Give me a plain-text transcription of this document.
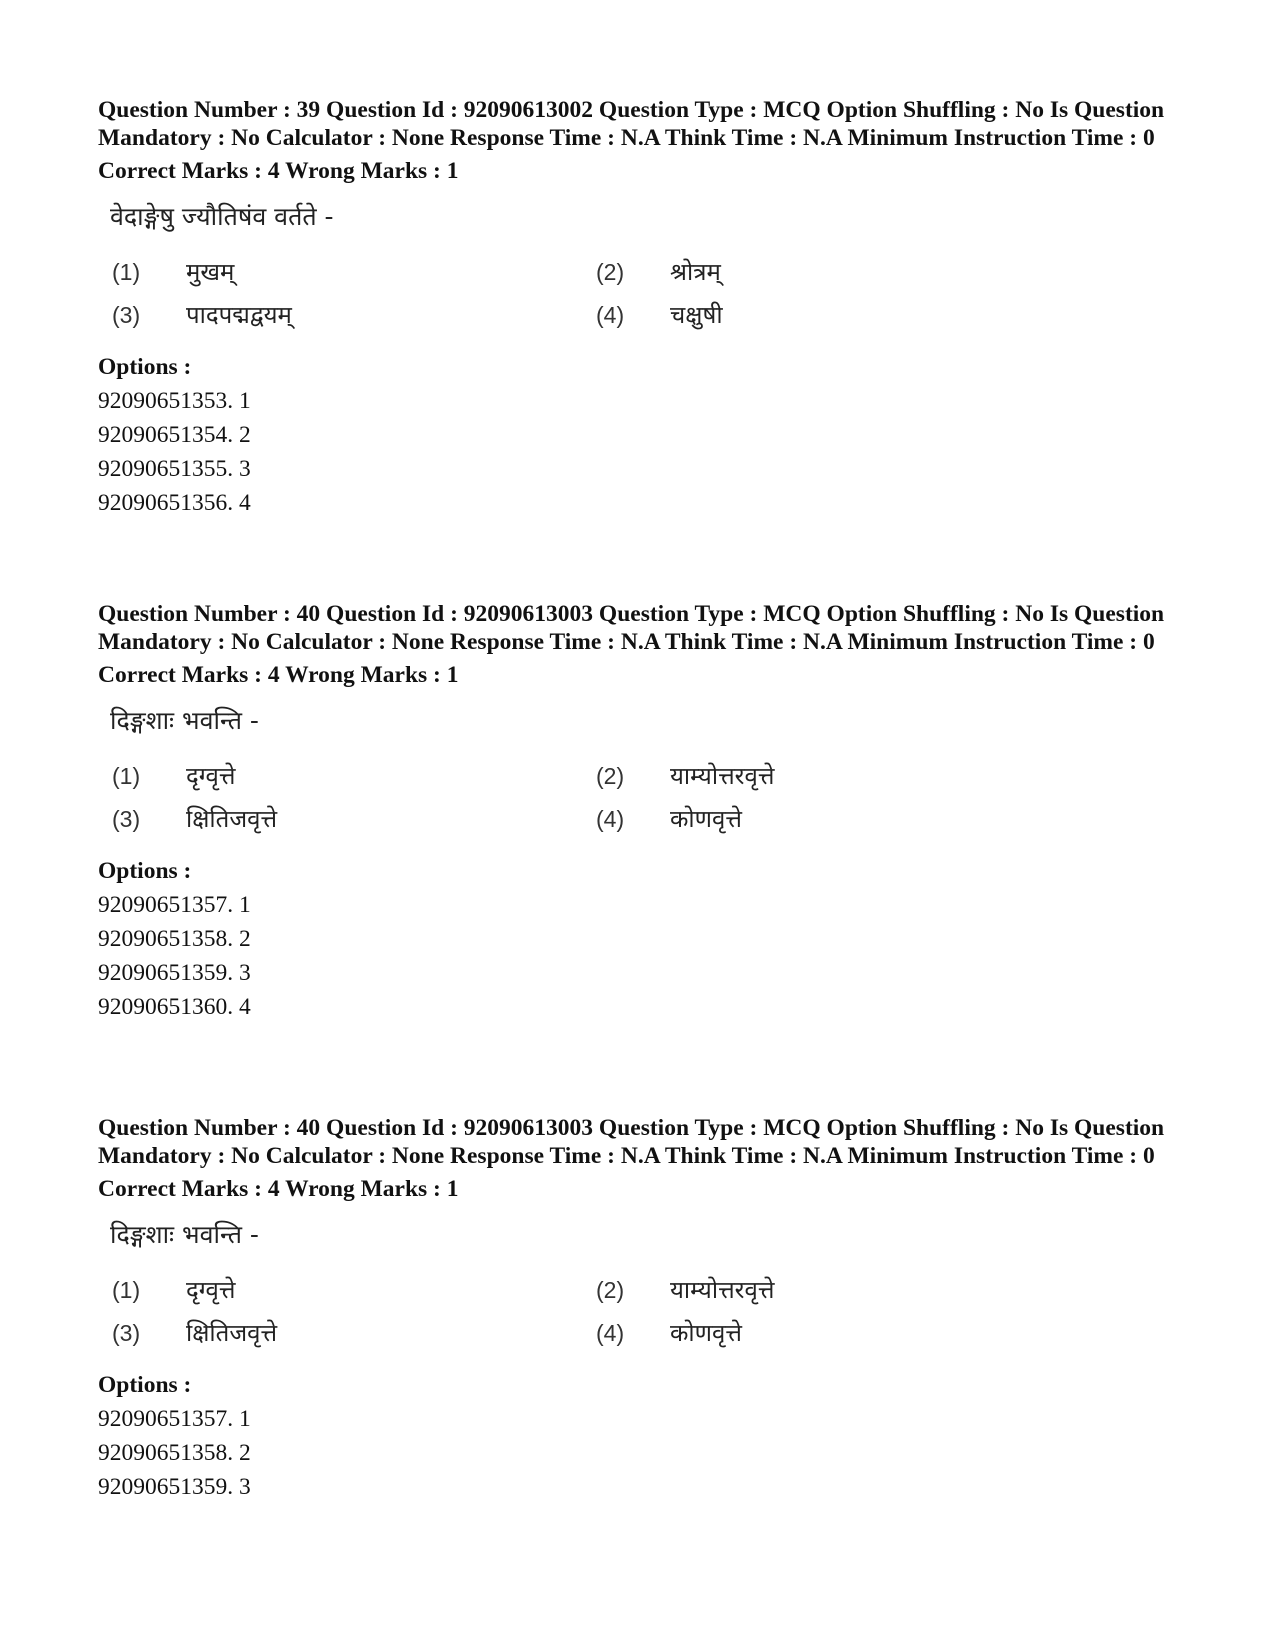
Question Number : 39 Question Id : 92090613002 Question Type : MCQ Option Shuffling : No Is Question Mandatory : No Calculator : None Response Time : N.A Think Time : N.A Minimum Instruction Time : 0

Correct Marks : 4 Wrong Marks : 1
वेदाङ्गेषु ज्यौतिषंव वर्तते -
(1) मुखम्	(2) श्रोत्रम्
(3) पादपद्मद्वयम्	(4) चक्षुषी
Options :
92090651353. 1
92090651354. 2
92090651355. 3
92090651356. 4

Question Number : 40 Question Id : 92090613003 Question Type : MCQ Option Shuffling : No Is Question Mandatory : No Calculator : None Response Time : N.A Think Time : N.A Minimum Instruction Time : 0

Correct Marks : 4 Wrong Marks : 1
दिङ्गशाः भवन्ति -
(1) दृग्वृत्ते	(2) याम्योत्तरवृत्ते
(3) क्षितिजवृत्ते	(4) कोणवृत्ते
Options :
92090651357. 1
92090651358. 2
92090651359. 3
92090651360. 4

Question Number : 40 Question Id : 92090613003 Question Type : MCQ Option Shuffling : No Is Question Mandatory : No Calculator : None Response Time : N.A Think Time : N.A Minimum Instruction Time : 0

Correct Marks : 4 Wrong Marks : 1
दिङ्गशाः भवन्ति -
(1) दृग्वृत्ते	(2) याम्योत्तरवृत्ते
(3) क्षितिजवृत्ते	(4) कोणवृत्ते
Options :
92090651357. 1
92090651358. 2
92090651359. 3
